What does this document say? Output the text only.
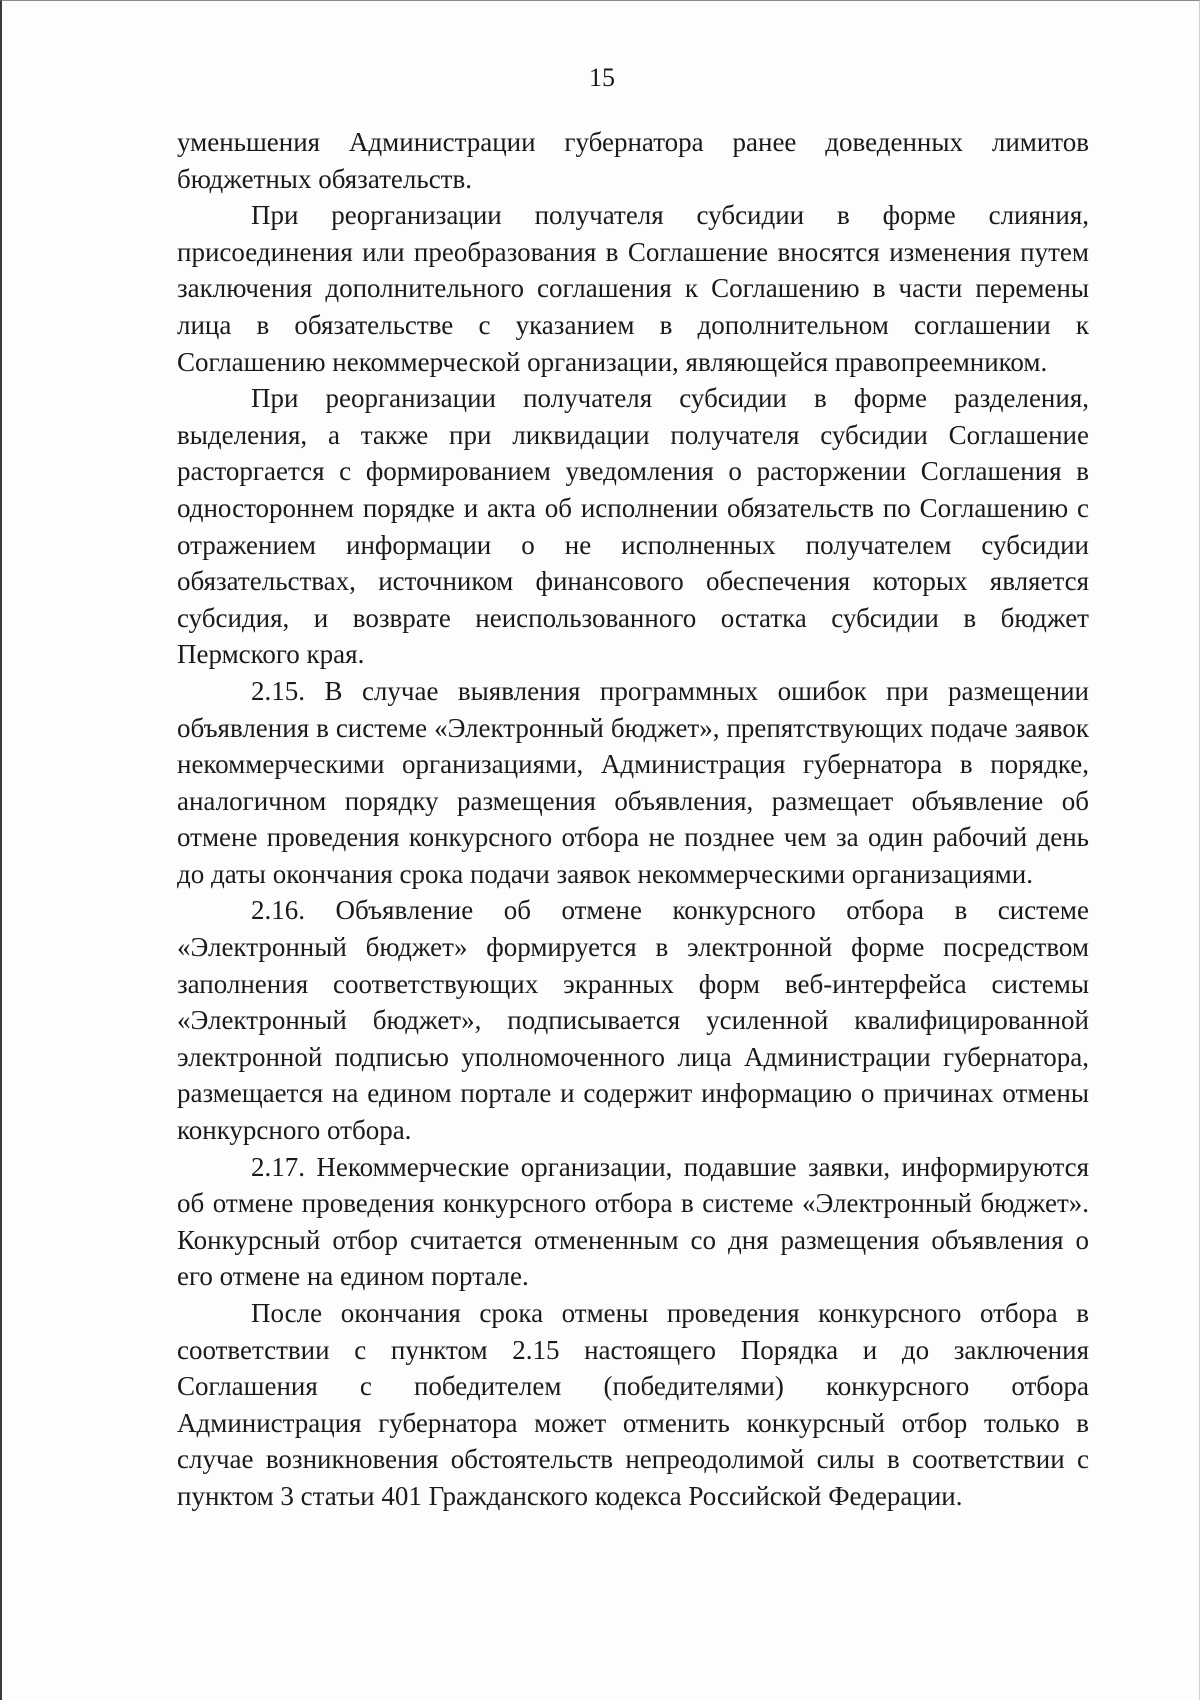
15

уменьшения Администрации губернатора ранее доведенных лимитов бюджетных обязательств.

При реорганизации получателя субсидии в форме слияния, присоединения или преобразования в Соглашение вносятся изменения путем заключения дополнительного соглашения к Соглашению в части перемены лица в обязательстве с указанием в дополнительном соглашении к Соглашению некоммерческой организации, являющейся правопреемником.

При реорганизации получателя субсидии в форме разделения, выделения, а также при ликвидации получателя субсидии Соглашение расторгается с формированием уведомления о расторжении Соглашения в одностороннем порядке и акта об исполнении обязательств по Соглашению с отражением информации о не исполненных получателем субсидии обязательствах, источником финансового обеспечения которых является субсидия, и возврате неиспользованного остатка субсидии в бюджет Пермского края.

2.15. В случае выявления программных ошибок при размещении объявления в системе «Электронный бюджет», препятствующих подаче заявок некоммерческими организациями, Администрация губернатора в порядке, аналогичном порядку размещения объявления, размещает объявление об отмене проведения конкурсного отбора не позднее чем за один рабочий день до даты окончания срока подачи заявок некоммерческими организациями.

2.16. Объявление об отмене конкурсного отбора в системе «Электронный бюджет» формируется в электронной форме посредством заполнения соответствующих экранных форм веб-интерфейса системы «Электронный бюджет», подписывается усиленной квалифицированной электронной подписью уполномоченного лица Администрации губернатора, размещается на едином портале и содержит информацию о причинах отмены конкурсного отбора.

2.17. Некоммерческие организации, подавшие заявки, информируются об отмене проведения конкурсного отбора в системе «Электронный бюджет». Конкурсный отбор считается отмененным со дня размещения объявления о его отмене на едином портале.

После окончания срока отмены проведения конкурсного отбора в соответствии с пунктом 2.15 настоящего Порядка и до заключения Соглашения с победителем (победителями) конкурсного отбора Администрация губернатора может отменить конкурсный отбор только в случае возникновения обстоятельств непреодолимой силы в соответствии с пунктом 3 статьи 401 Гражданского кодекса Российской Федерации.
